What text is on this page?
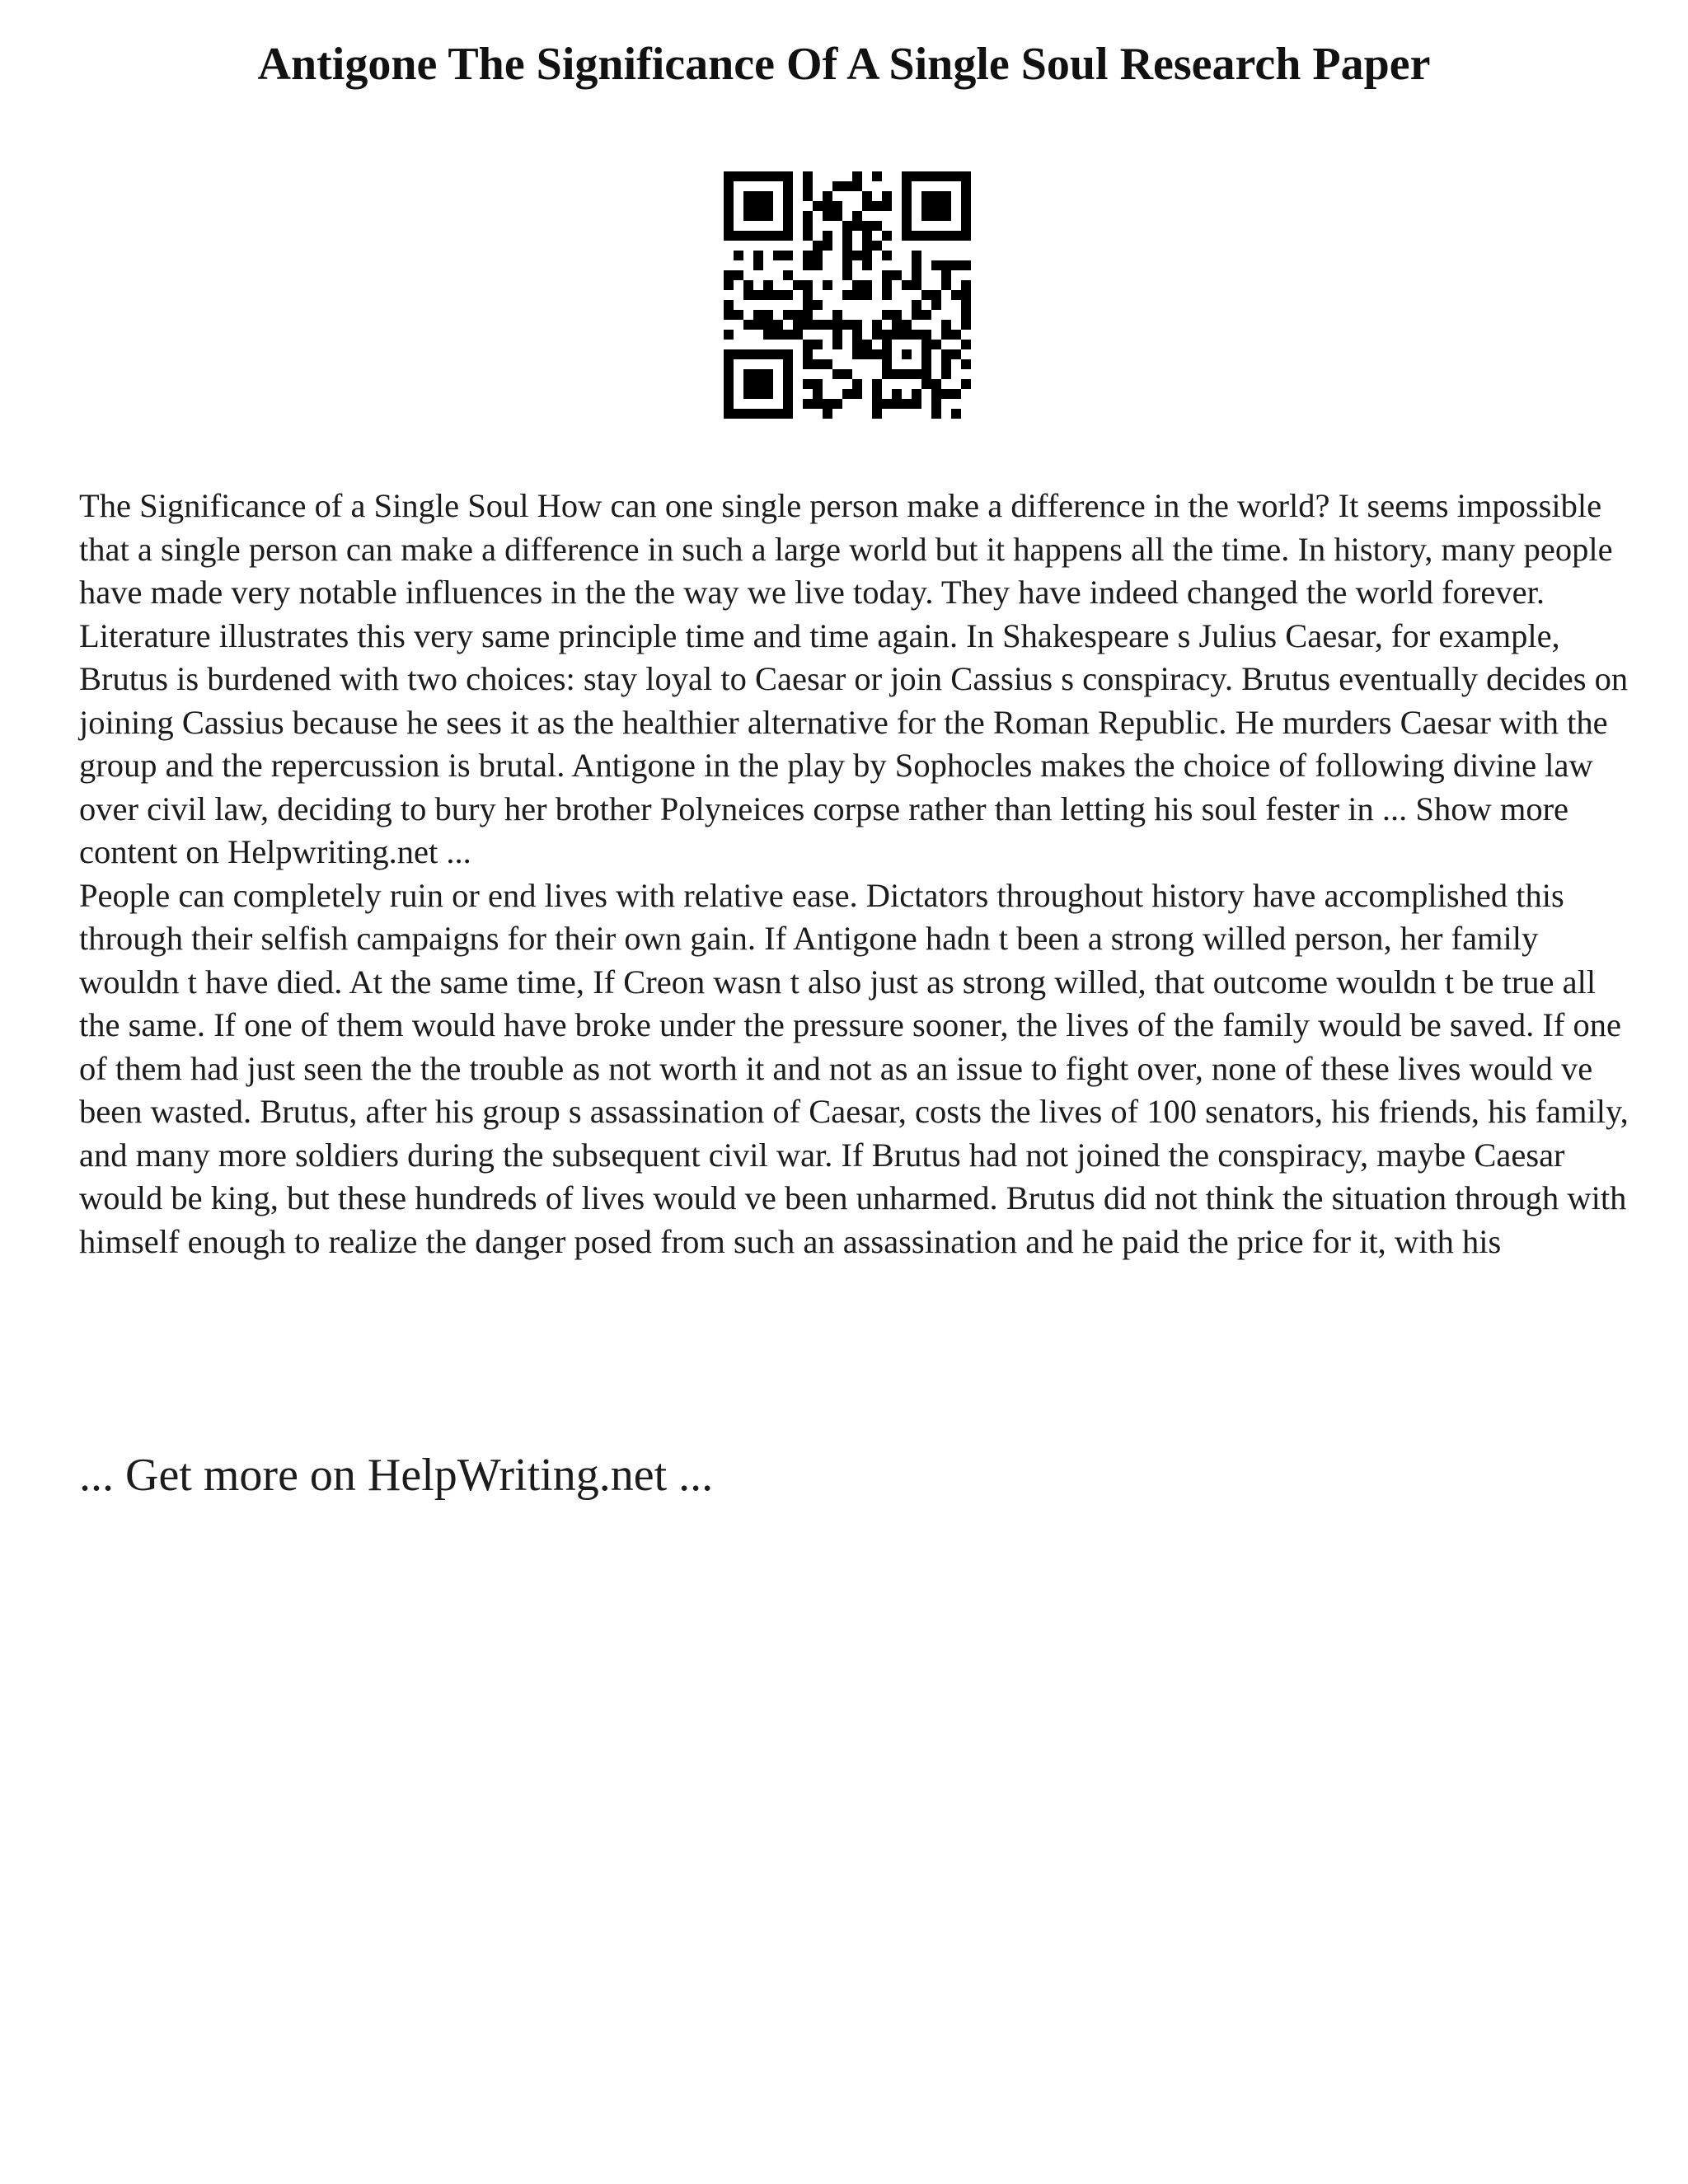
Antigone The Significance Of A Single Soul Research Paper

The Significance of a Single Soul How can one single person make a difference in the world? It seems impossible that a single person can make a difference in such a large world but it happens all the time. In history, many people have made very notable influences in the the way we live today. They have indeed changed the world forever. Literature illustrates this very same principle time and time again. In Shakespeare s Julius Caesar, for example, Brutus is burdened with two choices: stay loyal to Caesar or join Cassius s conspiracy. Brutus eventually decides on joining Cassius because he sees it as the healthier alternative for the Roman Republic. He murders Caesar with the group and the repercussion is brutal. Antigone in the play by Sophocles makes the choice of following divine law over civil law, deciding to bury her brother Polyneices corpse rather than letting his soul fester in ... Show more content on Helpwriting.net ...

People can completely ruin or end lives with relative ease. Dictators throughout history have accomplished this through their selfish campaigns for their own gain. If Antigone hadn t been a strong willed person, her family wouldn t have died. At the same time, If Creon wasn t also just as strong willed, that outcome wouldn t be true all the same. If one of them would have broke under the pressure sooner, the lives of the family would be saved. If one of them had just seen the the trouble as not worth it and not as an issue to fight over, none of these lives would ve been wasted. Brutus, after his group s assassination of Caesar, costs the lives of 100 senators, his friends, his family, and many more soldiers during the subsequent civil war. If Brutus had not joined the conspiracy, maybe Caesar would be king, but these hundreds of lives would ve been unharmed. Brutus did not think the situation through with himself enough to realize the danger posed from such an assassination and he paid the price for it, with his

... Get more on HelpWriting.net ...
